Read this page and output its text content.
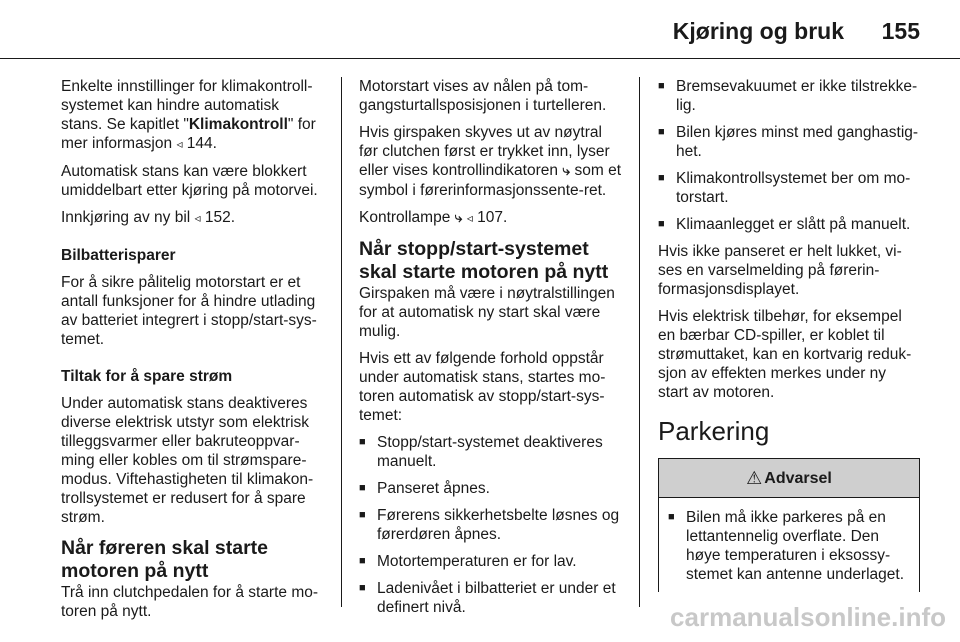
Kjøring og bruk 155

Enkelte innstillinger for klimakontroll-systemet kan hindre automatisk stans. Se kapitlet "Klimakontroll" for mer informasjon ◃ 144.

Automatisk stans kan være blokkert umiddelbart etter kjøring på motorvei.

Innkjøring av ny bil ◃ 152.

Bilbatterisparer

For å sikre pålitelig motorstart er et antall funksjoner for å hindre utlading av batteriet integrert i stopp/start-sys-temet.

Tiltak for å spare strøm

Under automatisk stans deaktiveres diverse elektrisk utstyr som elektrisk tilleggsvarmer eller bakruteoppvar-ming eller kobles om til strømspare-modus. Viftehastigheten til klimakon-trollsystemet er redusert for å spare strøm.

Når føreren skal starte motoren på nytt

Trå inn clutchpedalen for å starte mo-toren på nytt.

Motorstart vises av nålen på tom-gangsturtallsposisjonen i turtelleren.

Hvis girspaken skyves ut av nøytral før clutchen først er trykket inn, lyser eller vises kontrollindikatoren ⤷ som et symbol i førerinformasjonssente-ret.

Kontrollampe ⤷ ◃ 107.

Når stopp/start-systemet skal starte motoren på nytt

Girspaken må være i nøytralstillingen for at automatisk ny start skal være mulig.

Hvis ett av følgende forhold oppstår under automatisk stans, startes mo-toren automatisk av stopp/start-sys-temet:

■ Stopp/start-systemet deaktiveres manuelt.
■ Panseret åpnes.
■ Førerens sikkerhetsbelte løsnes og førerdøren åpnes.
■ Motortemperaturen er for lav.
■ Ladenivået i bilbatteriet er under et definert nivå.
■ Bremsevakuumet er ikke tilstrekke-lig.
■ Bilen kjøres minst med ganghastig-het.
■ Klimakontrollsystemet ber om mo-torstart.
■ Klimaanlegget er slått på manuelt.

Hvis ikke panseret er helt lukket, vi-ses en varselmelding på førerin-formasjonsdisplayet.

Hvis elektrisk tilbehør, for eksempel en bærbar CD-spiller, er koblet til strømuttaket, kan en kortvarig reduk-sjon av effekten merkes under ny start av motoren.

Parkering
⚠ Advarsel
■ Bilen må ikke parkeres på en lettantennelig overflate. Den høye temperaturen i eksossy-stemet kan antenne underlaget.
carmanualsonline.info
